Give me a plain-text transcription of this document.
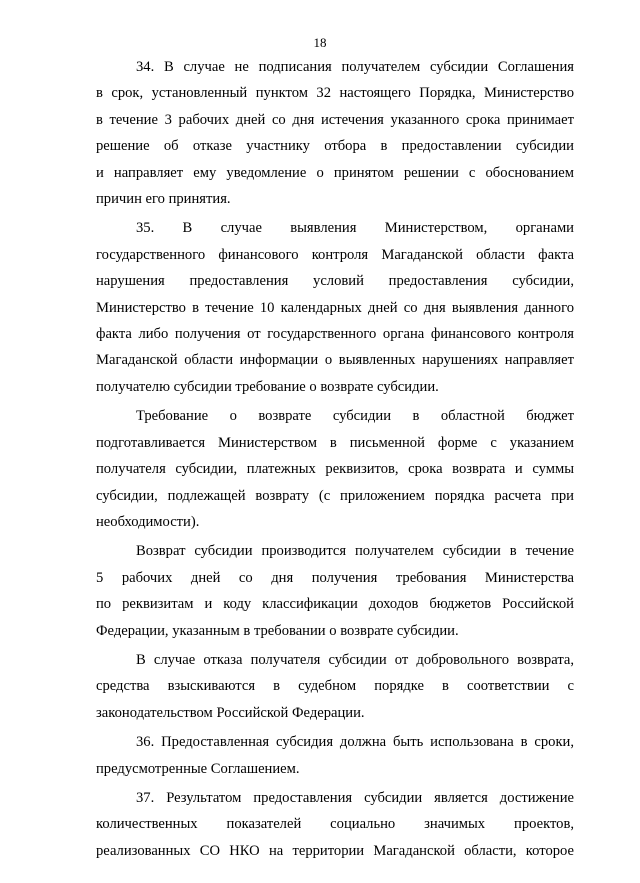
18
34. В случае не подписания получателем субсидии Соглашения
в срок, установленный пунктом 32 настоящего Порядка, Министерство
в течение 3 рабочих дней со дня истечения указанного срока принимает
решение об отказе участнику отбора в предоставлении субсидии
и направляет ему уведомление о принятом решении с обоснованием
причин его принятия.
35. В случае выявления Министерством, органами
государственного финансового контроля Магаданской области факта
нарушения предоставления условий предоставления субсидии,
Министерство в течение 10 календарных дней со дня выявления данного
факта либо получения от государственного органа финансового контроля
Магаданской области информации о выявленных нарушениях направляет
получателю субсидии требование о возврате субсидии.
Требование о возврате субсидии в областной бюджет
подготавливается Министерством в письменной форме с указанием
получателя субсидии, платежных реквизитов, срока возврата и суммы
субсидии, подлежащей возврату (с приложением порядка расчета при
необходимости).
Возврат субсидии производится получателем субсидии в течение
5 рабочих дней со дня получения требования Министерства
по реквизитам и коду классификации доходов бюджетов Российской
Федерации, указанным в требовании о возврате субсидии.
В случае отказа получателя субсидии от добровольного возврата,
средства взыскиваются в судебном порядке в соответствии с
законодательством Российской Федерации.
36. Предоставленная субсидия должна быть использована в сроки,
предусмотренные Соглашением.
37. Результатом предоставления субсидии является достижение
количественных показателей социально значимых проектов,
реализованных СО НКО на территории Магаданской области, которое
